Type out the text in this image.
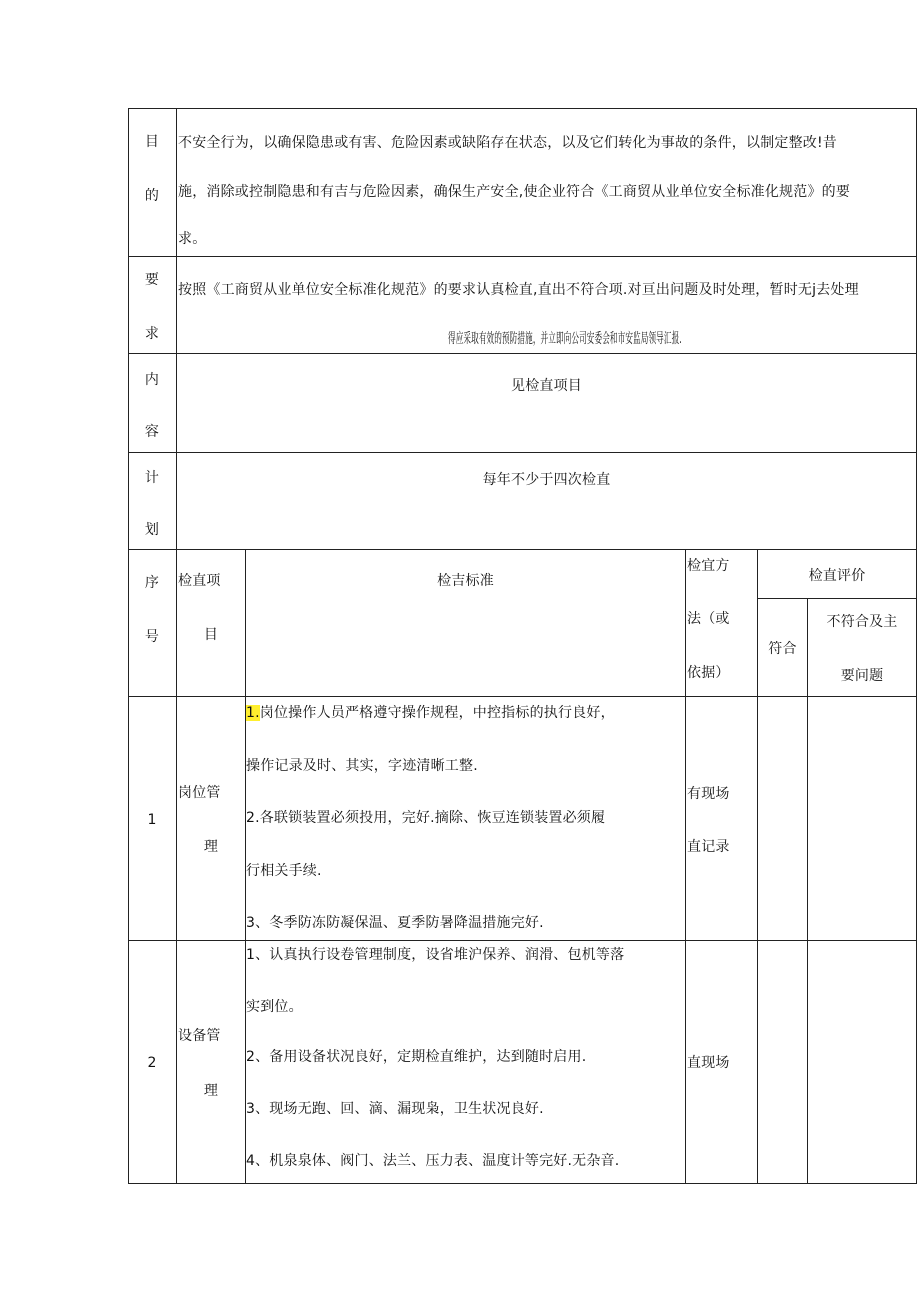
目
的
不安全行为，以确保隐患或有害、危险因素或缺陷存在状态，以及它们转化为事故的条件，以制定整改!昔
施，消除或控制隐患和有吉与危险因素，确保生产安全,使企业符合《工商贸从业单位安全标准化规范》的要
求。
要
求
按照《工商贸从业单位安全标准化规范》的要求认真检直,直出不符合项.对亘出问题及时处理，暂时无j去处理
得应采取有效的预防措施，并立即向公司安委会和市安监局领导汇报.
内
容
见检直项目
计
划
每年不少于四次检直
序
号
检直项
目
检吉标准
检宜方
法（或
依据）
检直评价
符合
不符合及主
要问题
1
岗位管
理
1.岗位操作人员严格遵守操作规程，中控指标的执行良好，
操作记录及时、其实，字迹清晰工整.
2.各联锁装置必须投用，完好.摘除、恢豆连锁装置必须履
行相关手续.
3、冬季防冻防凝保温、夏季防暑降温措施完好.
有现场
直记录
2
设备管
理
1、认真执行设卷管理制度，设省堆沪保养、润滑、包机等落
实到位。
2、备用设备状况良好，定期检直维护，达到随时启用.
3、现场无跑、回、滴、漏现枭，卫生状况良好.
4、机泉泉体、阀门、法兰、压力表、温度计等完好.无杂音.
直现场
